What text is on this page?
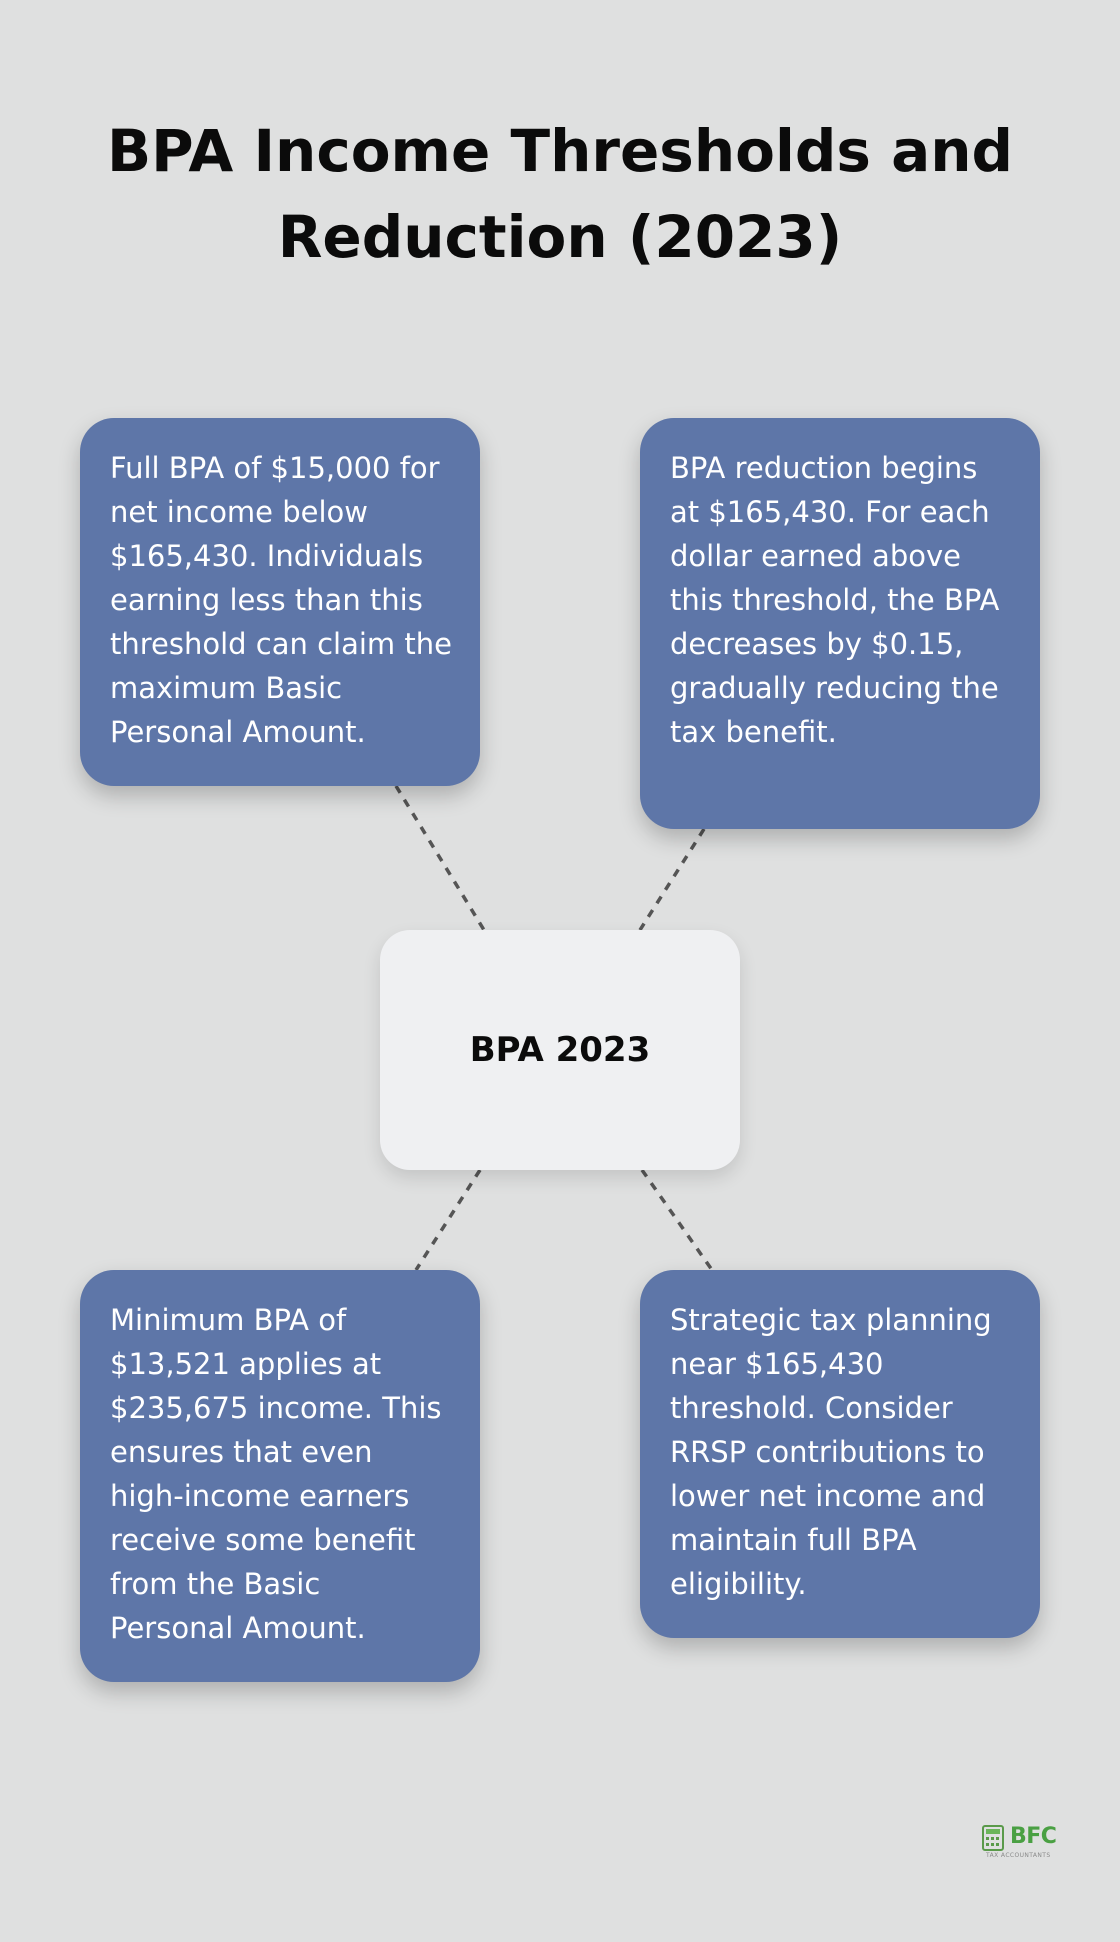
BPA Income Thresholds and Reduction (2023)
Full BPA of $15,000 for net income below $165,430. Individuals earning less than this threshold can claim the maximum Basic Personal Amount.
BPA reduction begins at $165,430. For each dollar earned above this threshold, the BPA decreases by $0.15, gradually reducing the tax benefit.
Minimum BPA of $13,521 applies at $235,675 income. This ensures that even high-income earners receive some benefit from the Basic Personal Amount.
Strategic tax planning near $165,430 threshold. Consider RRSP contributions to lower net income and maintain full BPA eligibility.
BPA 2023
BFC
TAX ACCOUNTANTS
